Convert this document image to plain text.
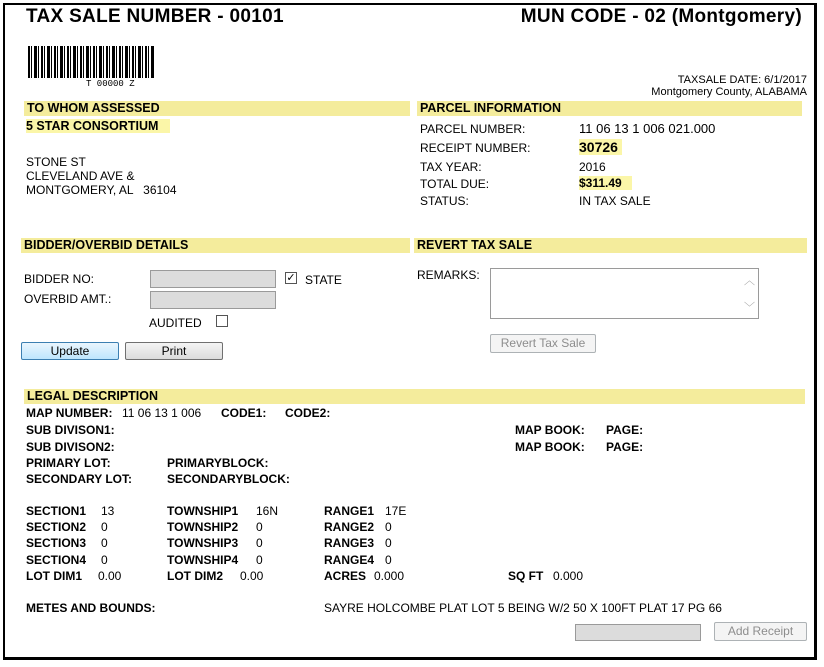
TAX SALE NUMBER - 00101	MUN CODE - 02 (Montgomery)
T 00000 Z	TAXSALE DATE: 6/1/2017
Montgomery County, ALABAMA
TO WHOM ASSESSED
5 STAR CONSORTIUM
STONE ST
CLEVELAND AVE &
MONTGOMERY, AL   36104
PARCEL INFORMATION
PARCEL NUMBER:	11 06 13 1 006 021.000
RECEIPT NUMBER:	30726
TAX YEAR:	2016
TOTAL DUE:	$311.49
STATUS:	IN TAX SALE
BIDDER/OVERBID DETAILS
BIDDER NO:	✓ STATE
OVERBID AMT.:
AUDITED
Update	Print
REVERT TAX SALE
REMARKS:	︿
﹀
Revert Tax Sale
LEGAL DESCRIPTION
MAP NUMBER: 11 06 13 1 006 CODE1: CODE2:
SUB DIVISON1:	MAP BOOK: PAGE:
SUB DIVISON2:	MAP BOOK: PAGE:
PRIMARY LOT:	PRIMARYBLOCK:
SECONDARY LOT:	SECONDARYBLOCK:
SECTION1 13	TOWNSHIP1 16N	RANGE1 17E
SECTION2 0	TOWNSHIP2 0	RANGE2 0
SECTION3 0	TOWNSHIP3 0	RANGE3 0
SECTION4 0	TOWNSHIP4 0	RANGE4 0
LOT DIM1 0.00	LOT DIM2 0.00	ACRES 0.000	SQ FT 0.000
METES AND BOUNDS:	SAYRE HOLCOMBE PLAT LOT 5 BEING W/2 50 X 100FT PLAT 17 PG 66
Add Receipt
